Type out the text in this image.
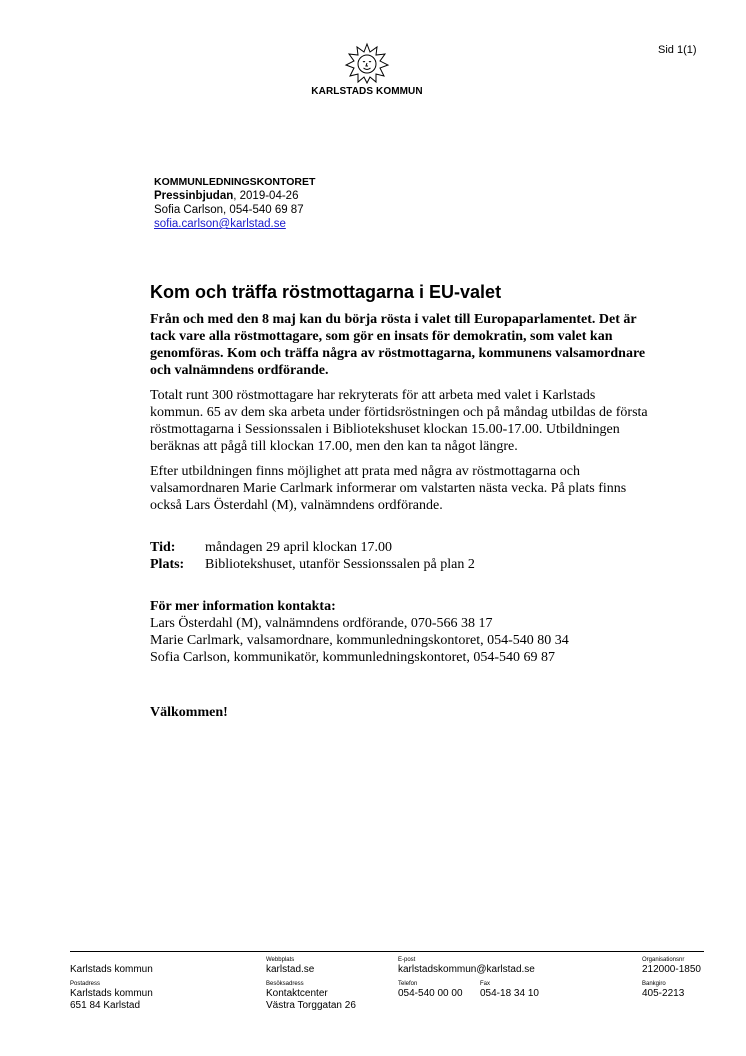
Sid 1(1)
KARLSTADS KOMMUN
KOMMUNLEDNINGSKONTORET
Pressinbjudan, 2019-04-26
Sofia Carlson, 054-540 69 87
sofia.carlson@karlstad.se
Kom och träffa röstmottagarna i EU-valet
Från och med den 8 maj kan du börja rösta i valet till Europaparlamentet. Det är tack vare alla röstmottagare, som gör en insats för demokratin, som valet kan genomföras. Kom och träffa några av röstmottagarna, kommunens valsamordnare och valnämndens ordförande.
Totalt runt 300 röstmottagare har rekryterats för att arbeta med valet i Karlstads kommun. 65 av dem ska arbeta under förtidsröstningen och på måndag utbildas de första röstmottagarna i Sessionssalen i Bibliotekshuset klockan 15.00-17.00. Utbildningen beräknas att pågå till klockan 17.00, men den kan ta något längre.
Efter utbildningen finns möjlighet att prata med några av röstmottagarna och valsamordnaren Marie Carlmark informerar om valstarten nästa vecka. På plats finns också Lars Österdahl (M), valnämndens ordförande.
Tid:	måndagen 29 april klockan 17.00
Plats:	Bibliotekshuset, utanför Sessionssalen på plan 2
För mer information kontakta:
Lars Österdahl (M), valnämndens ordförande, 070-566 38 17
Marie Carlmark, valsamordnare, kommunledningskontoret, 054-540 80 34
Sofia Carlson, kommunikatör, kommunledningskontoret, 054-540 69 87
Välkommen!

Karlstads kommun
Webbplats
karlstad.se
E-post
karlstadskommun@karlstad.se
Organisationsnr
212000-1850
Postadress
Karlstads kommun
651 84 Karlstad
Besöksadress
Kontaktcenter
Västra Torggatan 26
Telefon
054-540 00 00
Fax
054-18 34 10
Bankgiro
405-2213
